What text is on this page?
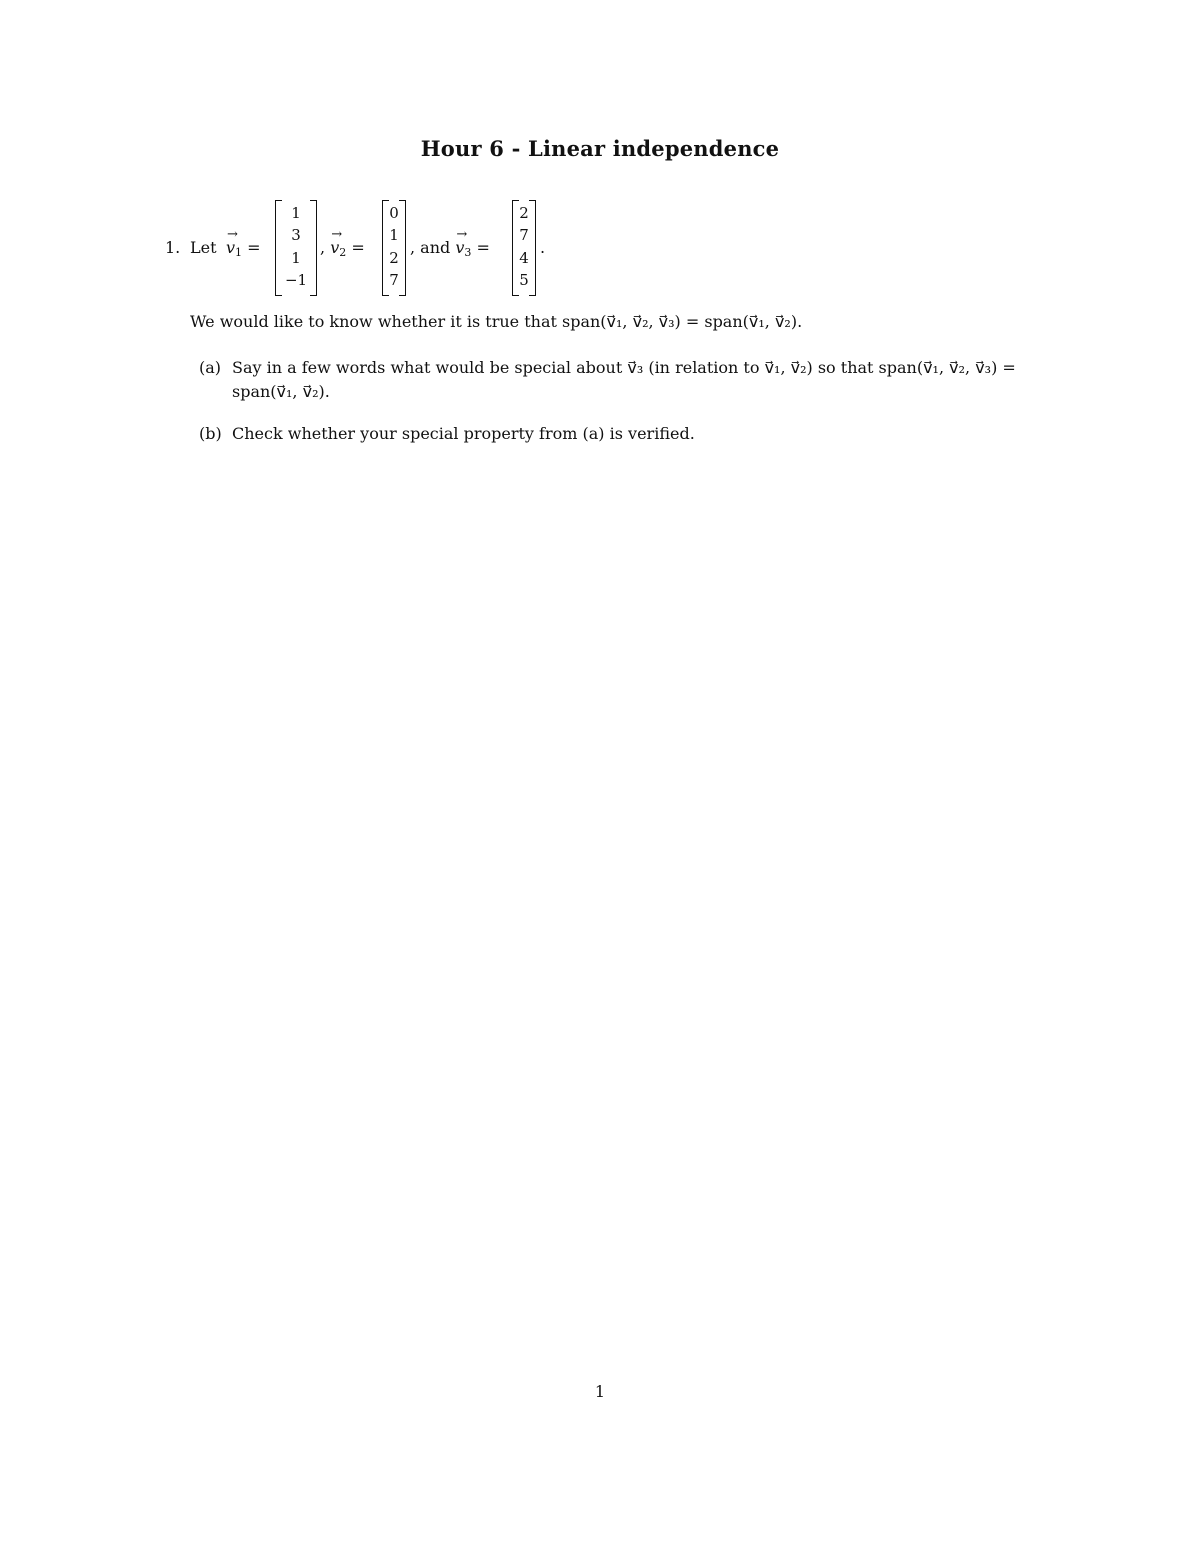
Hour 6 - Linear independence
1. Let
→
$v_1$ =
1
3
1
−1
,
→
$v_2$ =
0
1
2
7
, and
→
$v_3$ =
2
7
4
5
.
We would like to know whether it is true that span(v⃗₁, v⃗₂, v⃗₃) = span(v⃗₁, v⃗₂).
(a) Say in a few words what would be special about v⃗₃ (in relation to v⃗₁, v⃗₂) so that span(v⃗₁, v⃗₂, v⃗₃) =
span(v⃗₁, v⃗₂).
(b) Check whether your special property from (a) is verified.
1
